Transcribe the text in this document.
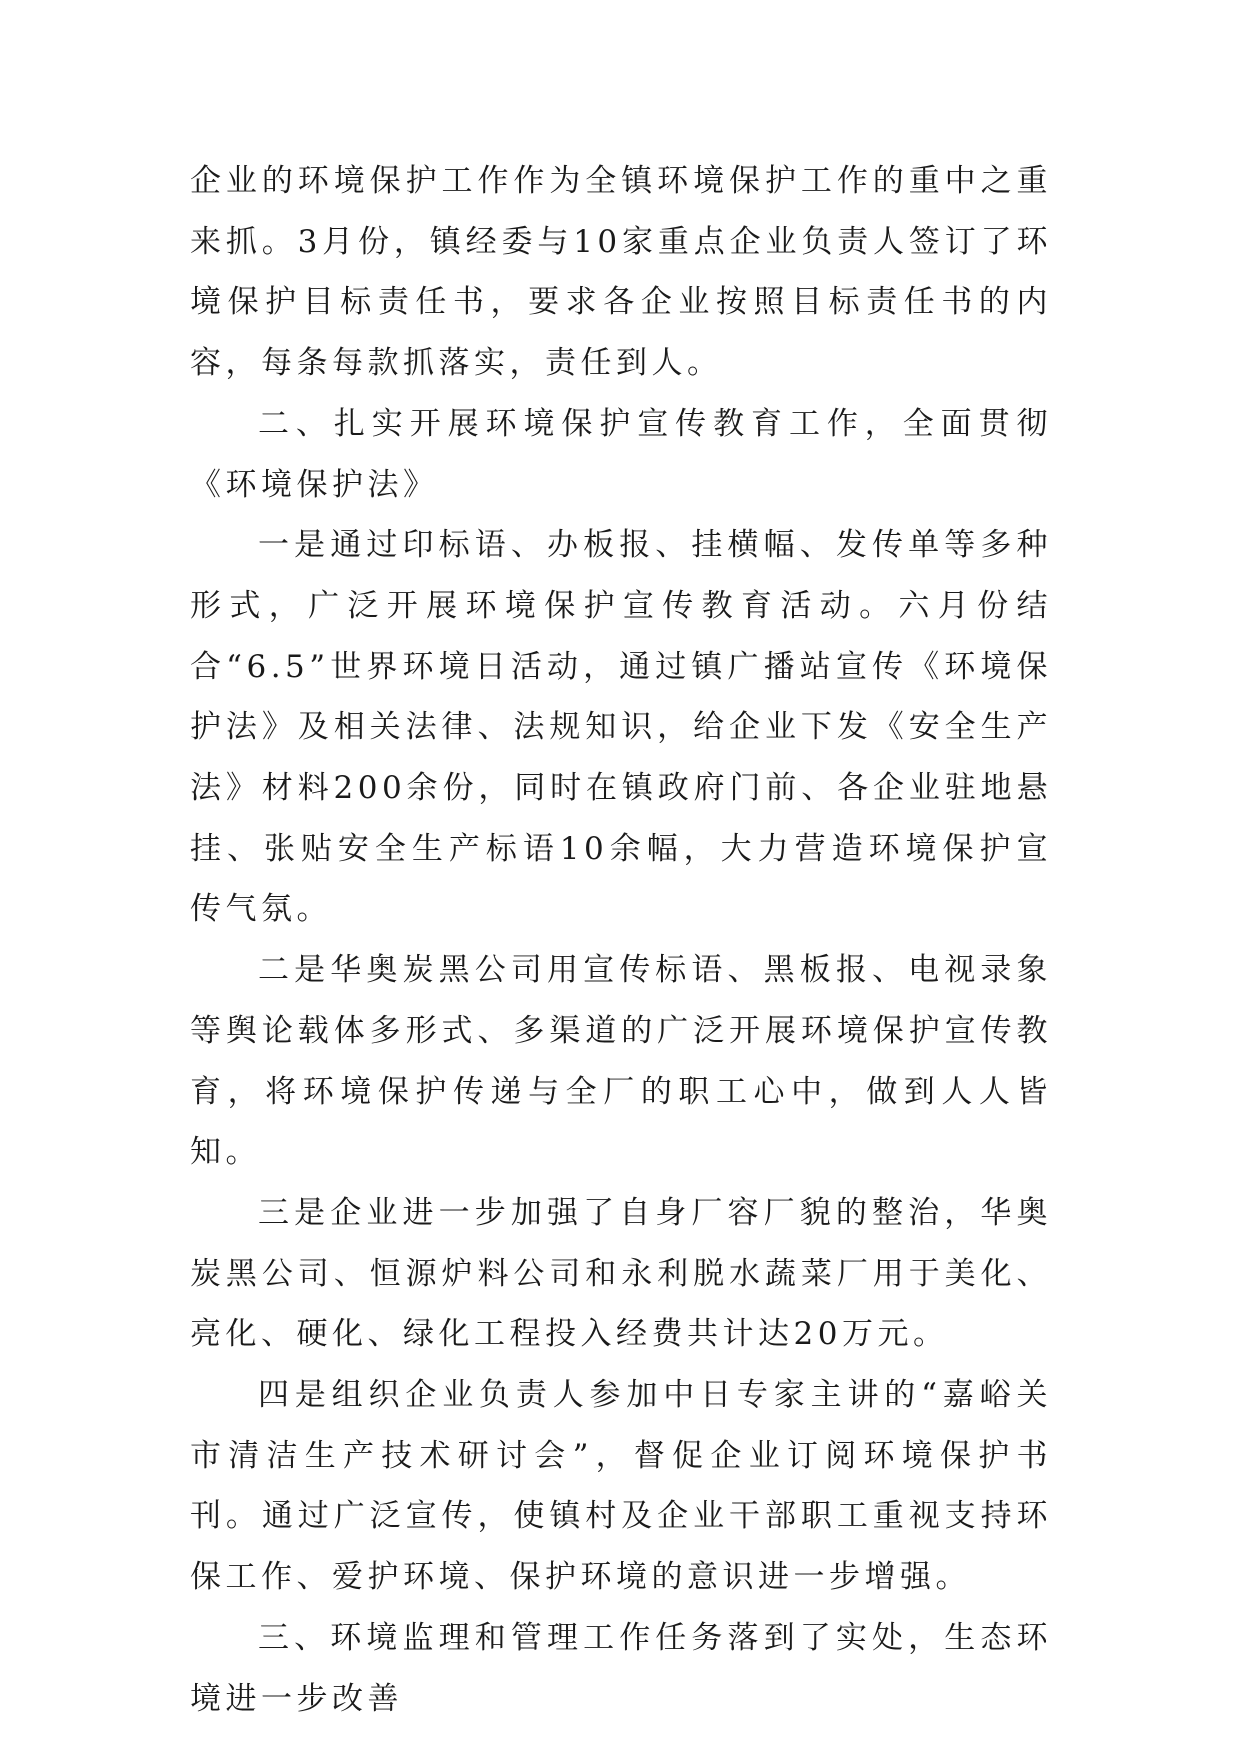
企业的环境保护工作作为全镇环境保护工作的重中之重来抓。3月份，镇经委与10家重点企业负责人签订了环境保护目标责任书，要求各企业按照目标责任书的内容，每条每款抓落实，责任到人。

二、扎实开展环境保护宣传教育工作，全面贯彻《环境保护法》

一是通过印标语、办板报、挂横幅、发传单等多种形式，广泛开展环境保护宣传教育活动。六月份结合“6.5”世界环境日活动，通过镇广播站宣传《环境保护法》及相关法律、法规知识，给企业下发《安全生产法》材料200余份，同时在镇政府门前、各企业驻地悬挂、张贴安全生产标语10余幅，大力营造环境保护宣传气氛。

二是华奥炭黑公司用宣传标语、黑板报、电视录象等舆论载体多形式、多渠道的广泛开展环境保护宣传教育，将环境保护传递与全厂的职工心中，做到人人皆知。

三是企业进一步加强了自身厂容厂貌的整治，华奥炭黑公司、恒源炉料公司和永利脱水蔬菜厂用于美化、亮化、硬化、绿化工程投入经费共计达20万元。

四是组织企业负责人参加中日专家主讲的“嘉峪关市清洁生产技术研讨会”，督促企业订阅环境保护书刊。通过广泛宣传，使镇村及企业干部职工重视支持环保工作、爱护环境、保护环境的意识进一步增强。

三、环境监理和管理工作任务落到了实处，生态环境进一步改善
